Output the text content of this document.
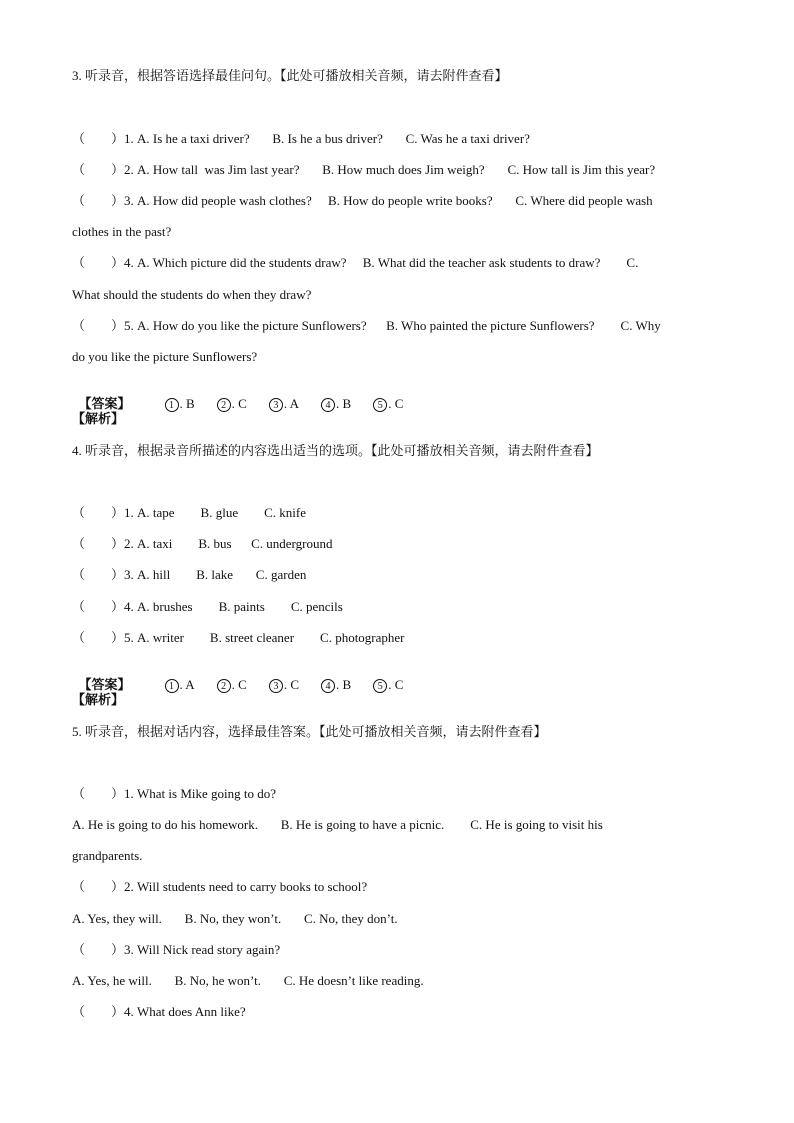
3. 听录音，根据答语选择最佳问句。【此处可播放相关音频，请去附件查看】
（        ）1. A. Is he a taxi driver?       B. Is he a bus driver?       C. Was he a taxi driver?
（        ）2. A. How tall  was Jim last year?       B. How much does Jim weigh?       C. How tall is Jim this year?
（        ）3. A. How did people wash clothes?     B. How do people write books?       C. Where did people wash
clothes in the past?
（        ）4. A. Which picture did the students draw?     B. What did the teacher ask students to draw?        C.
What should the students do when they draw?
（        ）5. A. How do you like the picture Sunflowers?      B. Who painted the picture Sunflowers?        C. Why
do you like the picture Sunflowers?

【答案】	1 . B	2 . C	3 . A	4 . B	5 . C

【解析】
4. 听录音，根据录音所描述的内容选出适当的选项。【此处可播放相关音频，请去附件查看】
（        ）1. A. tape        B. glue        C. knife
（        ）2. A. taxi        B. bus      C. underground
（        ）3. A. hill        B. lake       C. garden
（        ）4. A. brushes        B. paints        C. pencils
（        ）5. A. writer        B. street cleaner        C. photographer

【答案】	1 . A	2 . C	3 . C	4 . B	5 . C

【解析】
5. 听录音，根据对话内容，选择最佳答案。【此处可播放相关音频，请去附件查看】
（        ）1. What is Mike going to do?
A. He is going to do his homework.       B. He is going to have a picnic.        C. He is going to visit his
grandparents.
（        ）2. Will students need to carry books to school?
A. Yes, they will.       B. No, they won’t.       C. No, they don’t.
（        ）3. Will Nick read story again?
A. Yes, he will.       B. No, he won’t.       C. He doesn’t like reading.
（        ）4. What does Ann like?
